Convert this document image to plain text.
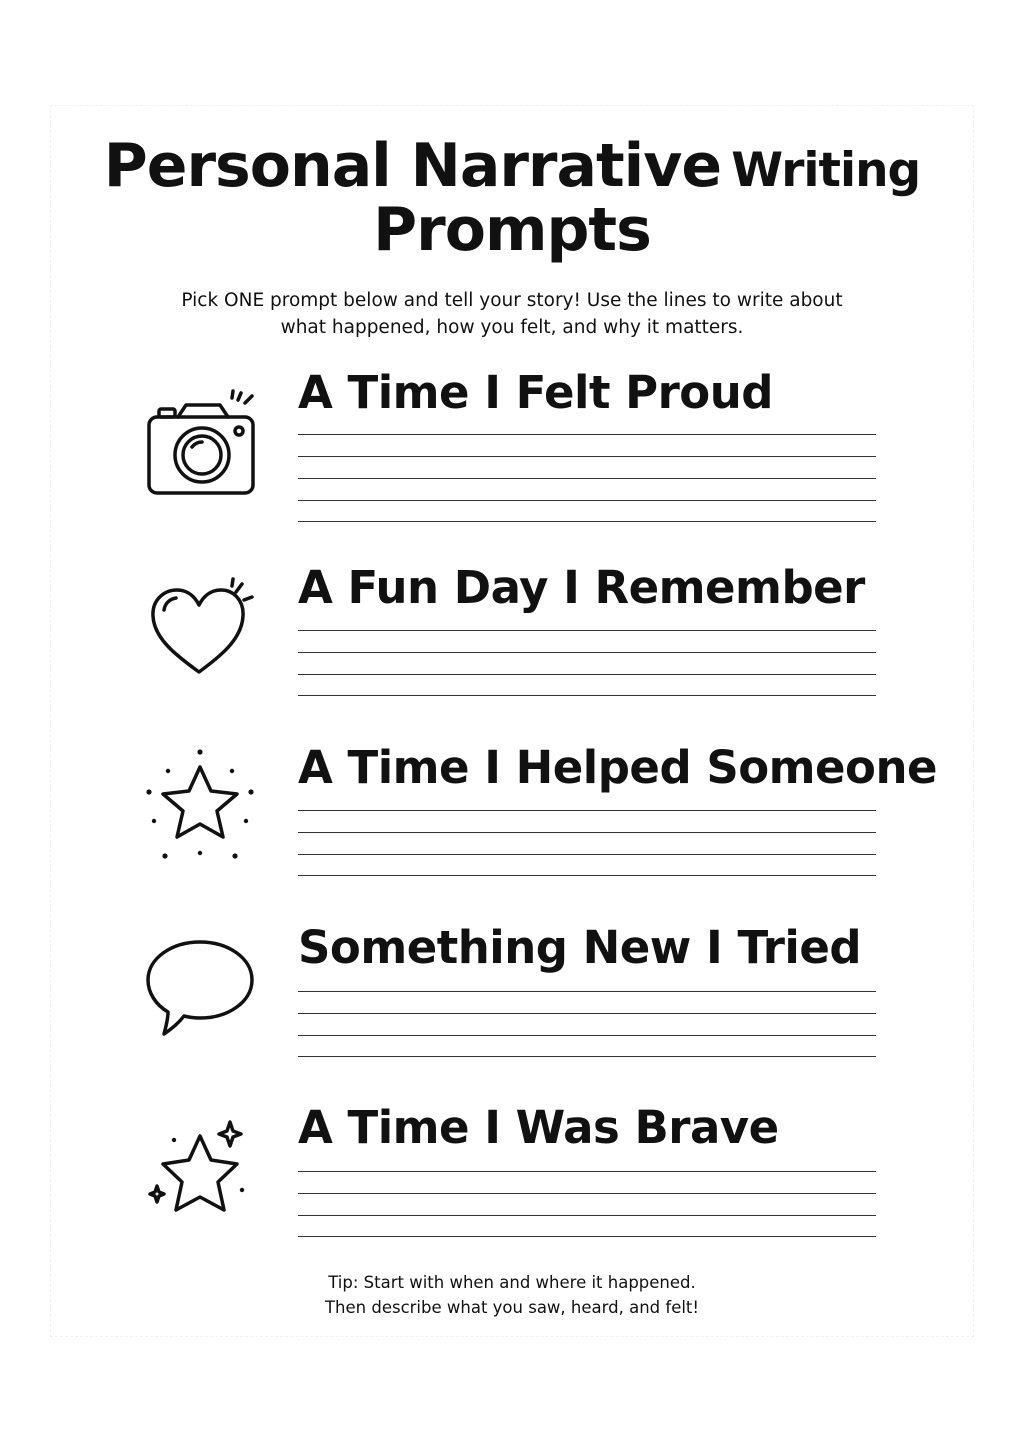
Personal Narrative Writing
Prompts
Pick ONE prompt below and tell your story! Use the lines to write about
what happened, how you felt, and why it matters.
A Time I Felt Proud
A Fun Day I Remember
A Time I Helped Someone
Something New I Tried
A Time I Was Brave
Tip: Start with when and where it happened.
Then describe what you saw, heard, and felt!
